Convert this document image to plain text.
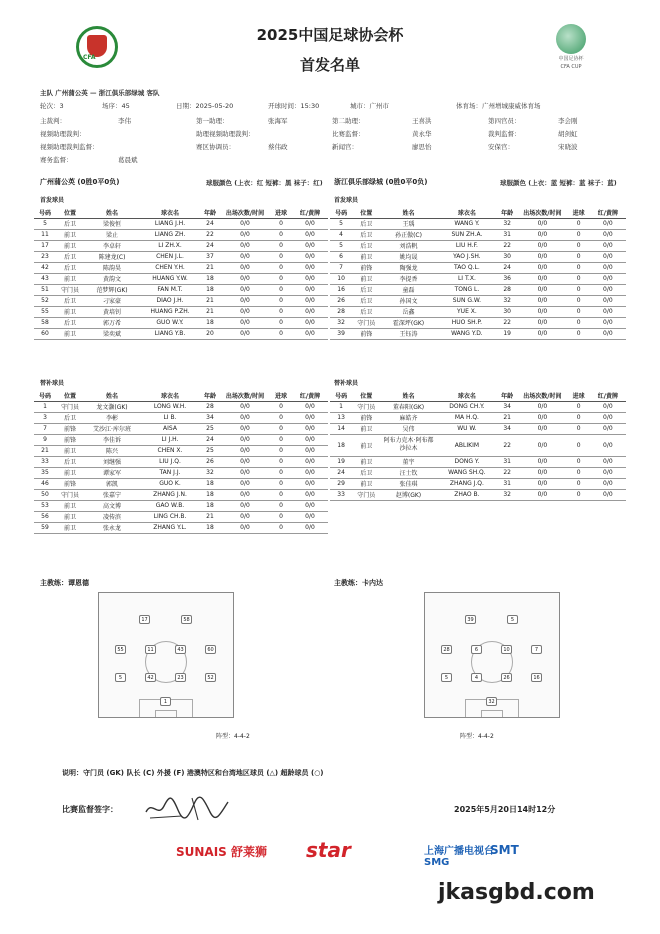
CFA	中国足协杯
CFA CUP
2025中国足球协会杯
首发名单
主队 广州蒲公英 — 浙江俱乐部绿城 客队
轮次：3	场序：45	日期：2025-05-20	开球时间：15:30	城市：广州市	体育场：广州增城康威体育场
主裁判：	李伟	第一助理：	张海军	第二助理：	王喜洪	第四官员：	李会刚
视频助理裁判：	助理视频助理裁判：	比赛监督：	黄永华	裁判监督：	胡剑虹
视频助理裁判监督：	赛区协调员：	蔡伟政	新闻官：	廖思怡	安保官：	宋晓波
赛务监督：	葛晨斌
广州蒲公英 (0胜0平0负)	球服颜色 (上衣：红 短裤：黑 袜子：红) 浙江俱乐部绿城 (0胜0平0负)	球服颜色 (上衣：蓝 短裤：蓝 袜子：蓝)
首发球员	首发球员
号码	位置	姓名	球衣名	年龄	出场次数/时间	进球	红/黄牌
5	后卫	梁俊恒	LIANG J.H.	24	0/0	0	0/0
11	前卫	梁止	LIANG ZH.	22	0/0	0	0/0
17	前卫	李卓轩	LI ZH.X.	24	0/0	0	0/0
23	后卫	陈建龙(C)	CHEN J.L.	37	0/0	0	0/0
42	后卫	陈韵昊	CHEN Y.H.	21	0/0	0	0/0
43	前卫	黄韵文	HUANG Y.W.	18	0/0	0	0/0
51	守门员	范梦辉(GK)	FAN M.T.	18	0/0	0	0/0
52	后卫	刁家豪	DIAO J.H.	21	0/0	0	0/0
55	前卫	黄培钊	HUANG P.ZH.	21	0/0	0	0/0
58	后卫	郭万希	GUO W.Y.	18	0/0	0	0/0
60	前卫	梁奕斌	LIANG Y.B.	20	0/0	0	0/0
号码	位置	姓名	球衣名	年龄	出场次数/时间	进球	红/黄牌
5	后卫	王瑀	WANG Y.	32	0/0	0	0/0
4	后卫	孙正傲(C)	SUN ZH.A.	31	0/0	0	0/0
5	后卫	刘浩帆	LIU H.F.	22	0/0	0	0/0
6	前卫	姚均晟	YAO J.SH.	30	0/0	0	0/0
7	前锋	陶强龙	TAO Q.L.	24	0/0	0	0/0
10	前卫	李提香	LI T.X.	36	0/0	0	0/0
16	后卫	童磊	TONG L.	28	0/0	0	0/0
26	后卫	孙国文	SUN G.W.	32	0/0	0	0/0
28	后卫	岳鑫	YUE X.	30	0/0	0	0/0
32	守门员	霍深坪(GK)	HUO SH.P.	22	0/0	0	0/0
39	前锋	王钰涛	WANG Y.D.	19	0/0	0	0/0
替补球员	替补球员
号码	位置	姓名	球衣名	年龄	出场次数/时间	进球	红/黄牌
1	守门员	龙文灏(GK)	LONG W.H.	28	0/0	0	0/0
3	后卫	李彬	LI B.	34	0/0	0	0/0
7	前锋	艾沙江·库尔班	AISA	25	0/0	0	0/0
9	前锋	李佳诉	LI J.H.	24	0/0	0	0/0
21	前卫	陈兴	CHEN X.	25	0/0	0	0/0
33	后卫	刘继强	LIU J.Q.	26	0/0	0	0/0
35	前卫	谭家军	TAN J.J.	32	0/0	0	0/0
46	前锋	郭凯	GUO K.	18	0/0	0	0/0
50	守门员	张嘉宁	ZHANG J.N.	18	0/0	0	0/0
53	前卫	高文博	GAO W.B.	18	0/0	0	0/0
56	前卫	凌传滨	LING CH.B.	21	0/0	0	0/0
59	前卫	张永龙	ZHANG Y.L.	18	0/0	0	0/0
号码	位置	姓名	球衣名	年龄	出场次数/时间	进球	红/黄牌
1	守门员	董春阳(GK)	DONG CH.Y.	34	0/0	0	0/0
13	前锋	麻皓齐	MA H.Q.	21	0/0	0	0/0
14	前卫	吴伟	WU W.	34	0/0	0	0/0
18	前卫	阿布力克木·阿布都沙拉木	ABLIKIM	22	0/0	0	0/0
19	前卫	董宇	DONG Y.	31	0/0	0	0/0
24	后卫	汪士钦	WANG SH.Q.	22	0/0	0	0/0
29	前卫	张佳琪	ZHANG J.Q.	31	0/0	0	0/0
33	守门员	赵博(GK)	ZHAO B.	32	0/0	0	0/0
主教练：谭恩德	主教练：卡内达
1
5	42	23	52
55	11	43	60
17	58
32
5	4	26	16
28	6	10	7
39	5
阵型：4-4-2	阵型：4-4-2
说明：守门员 (GK) 队长 (C) 外援 (F) 港澳特区和台湾地区球员 (△) 超龄球员 (○)
比赛监督签字：	2025年5月20日14时12分
SUNAIS 舒莱狮 star	上海广播电视台 SMG
SMT
jkasgbd.com
